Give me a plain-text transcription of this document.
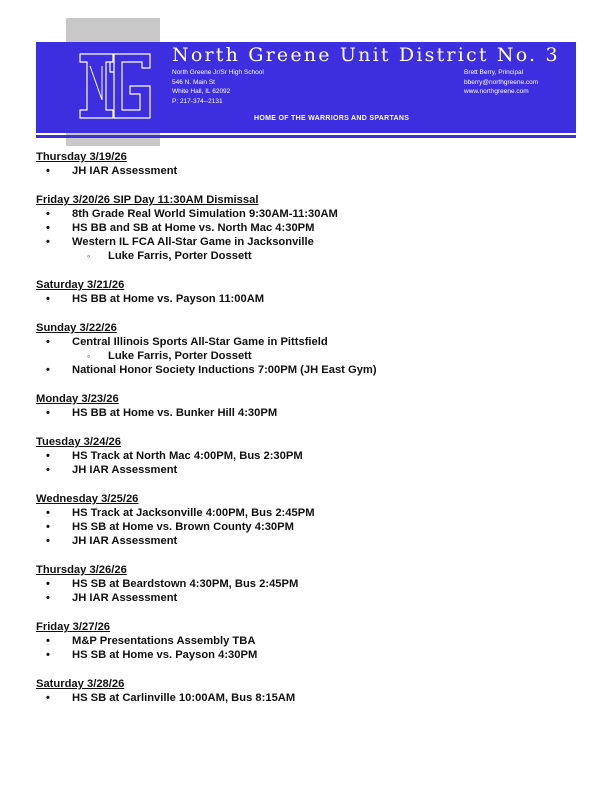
North Greene Unit District No. 3
North Greene Jr/Sr High School
546 N. Main St
White Hall, IL 62092
P: 217-374--2131
Brett Berry, Principal
bberry@northgreene.com
www.northgreene.com
HOME OF THE WARRIORS AND SPARTANS
Thursday 3/19/26
• JH IAR Assessment
Friday 3/20/26 SIP Day 11:30AM Dismissal
• 8th Grade Real World Simulation 9:30AM-11:30AM
• HS BB and SB at Home vs. North Mac 4:30PM
• Western IL FCA All-Star Game in Jacksonville
◦ Luke Farris, Porter Dossett
Saturday 3/21/26
• HS BB at Home vs. Payson 11:00AM
Sunday 3/22/26
• Central Illinois Sports All-Star Game in Pittsfield
◦ Luke Farris, Porter Dossett
• National Honor Society Inductions 7:00PM (JH East Gym)
Monday 3/23/26
• HS BB at Home vs. Bunker Hill 4:30PM
Tuesday 3/24/26
• HS Track at North Mac 4:00PM, Bus 2:30PM
• JH IAR Assessment
Wednesday 3/25/26
• HS Track at Jacksonville 4:00PM, Bus 2:45PM
• HS SB at Home vs. Brown County 4:30PM
• JH IAR Assessment
Thursday 3/26/26
• HS SB at Beardstown 4:30PM, Bus 2:45PM
• JH IAR Assessment
Friday 3/27/26
• M&P Presentations Assembly TBA
• HS SB at Home vs. Payson 4:30PM
Saturday 3/28/26
• HS SB at Carlinville 10:00AM, Bus 8:15AM
